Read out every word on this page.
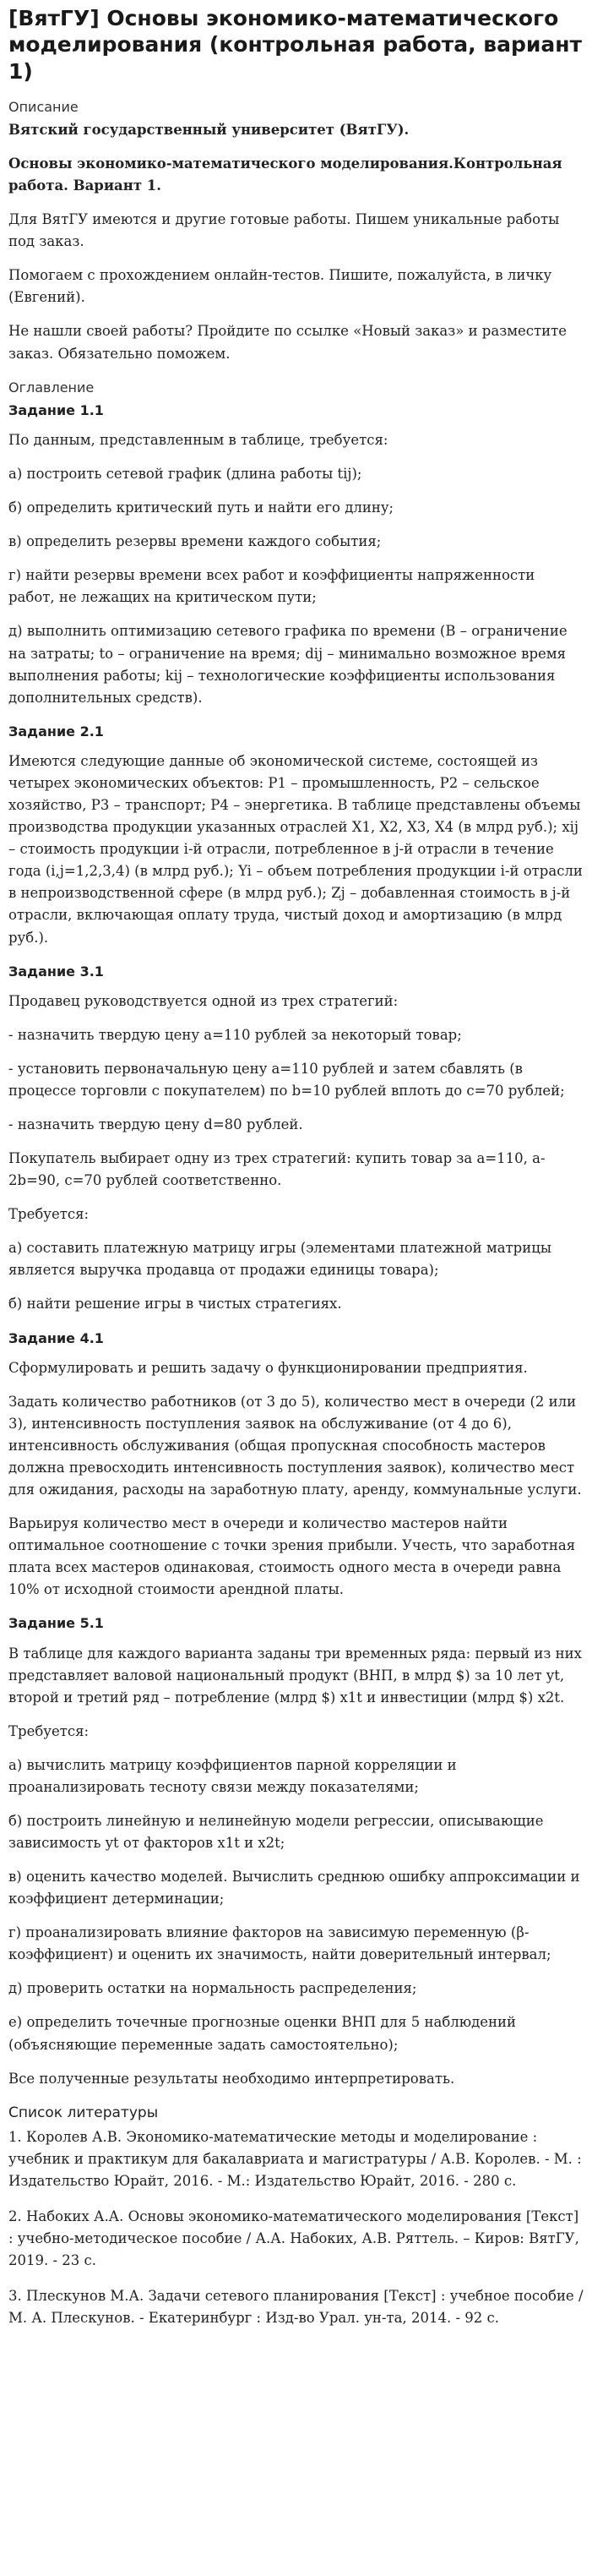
[ВятГУ] Основы экономико-математического моделирования (контрольная работа, вариант 1)
Описание

Вятский государственный университет (ВятГУ).

Основы экономико-математического моделирования.Контрольная работа. Вариант 1.

Для ВятГУ имеются и другие готовые работы. Пишем уникальные работы под заказ.

Помогаем с прохождением онлайн-тестов. Пишите, пожалуйста, в личку (Евгений).

Не нашли своей работы? Пройдите по ссылке «Новый заказ» и разместите заказ. Обязательно поможем.

Оглавление
Задание 1.1

По данным, представленным в таблице, требуется:

а) построить сетевой график (длина работы tij);

б) определить критический путь и найти его длину;

в) определить резервы времени каждого события;

г) найти резервы времени всех работ и коэффициенты напряженности работ, не лежащих на критическом пути;

д) выполнить оптимизацию сетевого графика по времени (B – ограничение на затраты; to – ограничение на время; dij – минимально возможное время выполнения работы; kij – технологические коэффициенты использования дополнительных средств).

Задание 2.1

Имеются следующие данные об экономической системе, состоящей из четырех экономических объектов: P1 – промышленность, P2 – сельское хозяйство, P3 – транспорт; P4 – энергетика. В таблице представлены объемы производства продукции указанных отраслей X1, X2, X3, X4 (в млрд руб.); xij – стоимость продукции i-й отрасли, потребленное в j-й отрасли в течение года (i,j=1,2,3,4) (в млрд руб.); Yi – объем потребления продукции i-й отрасли в непроизводственной сфере (в млрд руб.); Zj – добавленная стоимость в j-й отрасли, включающая оплату труда, чистый доход и амортизацию (в млрд руб.).

Задание 3.1

Продавец руководствуется одной из трех стратегий:

- назначить твердую цену a=110 рублей за некоторый товар;

- установить первоначальную цену a=110 рублей и затем сбавлять (в процессе торговли с покупателем) по b=10 рублей вплоть до c=70 рублей;

- назначить твердую цену d=80 рублей.

Покупатель выбирает одну из трех стратегий: купить товар за a=110, a-2b=90, c=70 рублей соответственно.

Требуется:

а) составить платежную матрицу игры (элементами платежной матрицы является выручка продавца от продажи единицы товара);

б) найти решение игры в чистых стратегиях.

Задание 4.1

Сформулировать и решить задачу о функционировании предприятия.

Задать количество работников (от 3 до 5), количество мест в очереди (2 или 3), интенсивность поступления заявок на обслуживание (от 4 до 6), интенсивность обслуживания (общая пропускная способность мастеров должна превосходить интенсивность поступления заявок), количество мест для ожидания, расходы на заработную плату, аренду, коммунальные услуги.

Варьируя количество мест в очереди и количество мастеров найти оптимальное соотношение с точки зрения прибыли. Учесть, что заработная плата всех мастеров одинаковая, стоимость одного места в очереди равна 10% от исходной стоимости арендной платы.

Задание 5.1

В таблице для каждого варианта заданы три временных ряда: первый из них представляет валовой национальный продукт (ВНП, в млрд $) за 10 лет yt, второй и третий ряд – потребление (млрд $) x1t и инвестиции (млрд $) x2t.

Требуется:

а) вычислить матрицу коэффициентов парной корреляции и проанализировать тесноту связи между показателями;

б) построить линейную и нелинейную модели регрессии, описывающие зависимость yt от факторов x1t и x2t;

в) оценить качество моделей. Вычислить среднюю ошибку аппроксимации и коэффициент детерминации;

г) проанализировать влияние факторов на зависимую переменную (β-коэффициент) и оценить их значимость, найти доверительный интервал;

д) проверить остатки на нормальность распределения;

е) определить точечные прогнозные оценки ВНП для 5 наблюдений (объясняющие переменные задать самостоятельно);

Все полученные результаты необходимо интерпретировать.

Список литературы

1. Королев А.В. Экономико-математические методы и моделирование : учебник и практикум для бакалавриата и магистратуры / А.В. Королев. - М. : Издательство Юрайт, 2016. - М.: Издательство Юрайт, 2016. - 280 с.

2. Набоких А.А. Основы экономико-математического моделирования [Текст] : учебно-методическое пособие / А.А. Набоких, А.В. Ряттель. – Киров: ВятГУ, 2019. - 23 с.

3. Плескунов М.А. Задачи сетевого планирования [Текст] : учебное пособие / М. А. Плескунов. - Екатеринбург : Изд-во Урал. ун-та, 2014. - 92 с.
